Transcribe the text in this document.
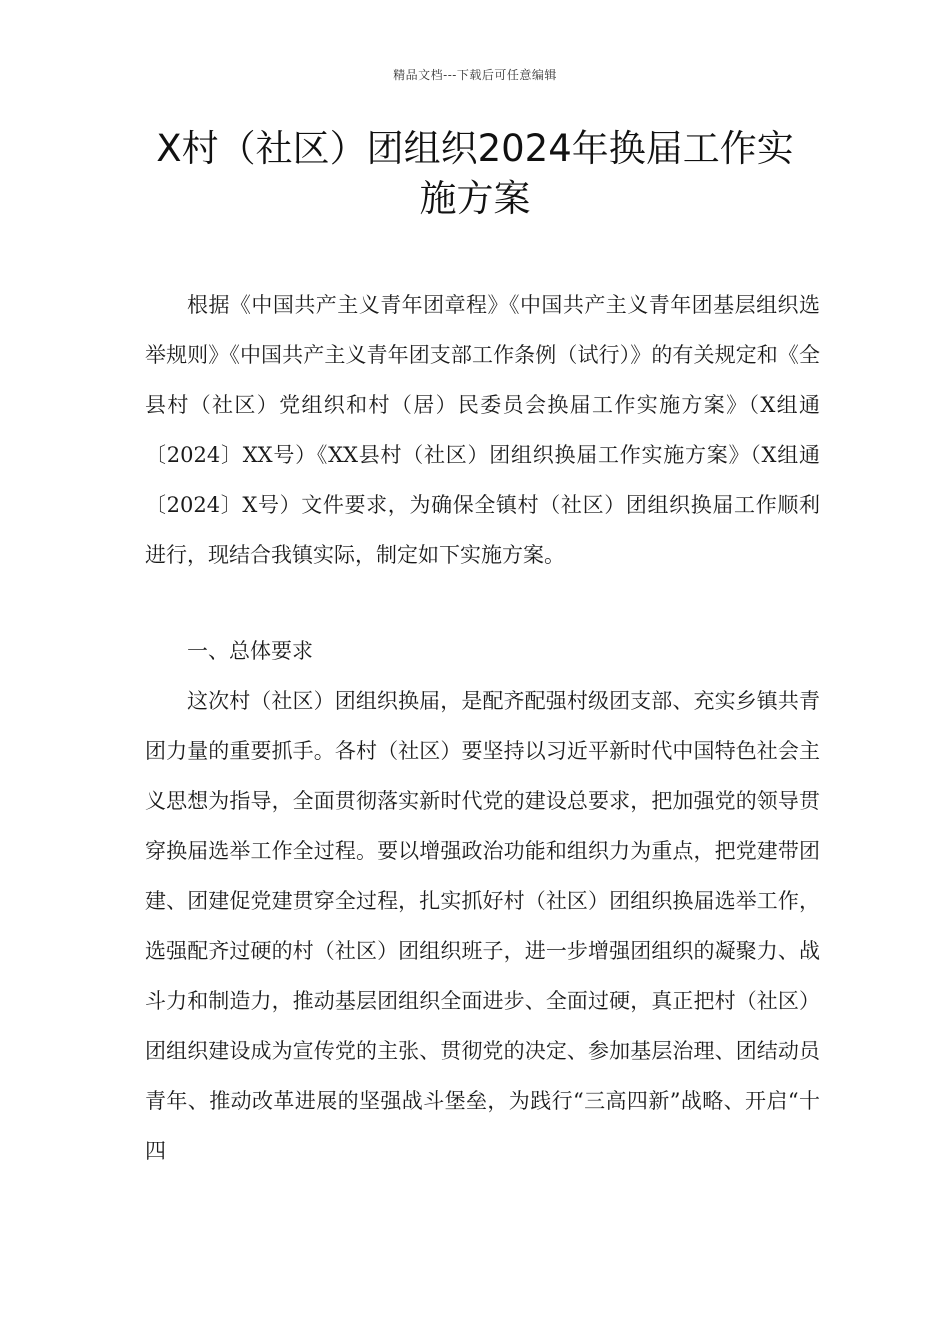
精品文档---下载后可任意编辑
X村（社区）团组织2024年换届工作实
施方案

根据《中国共产主义青年团章程》《中国共产主义青年团基层组织选举规则》《中国共产主义青年团支部工作条例（试行）》的有关规定和《全县村（社区）党组织和村（居）民委员会换届工作实施方案》（X组通〔2024〕XX号）《XX县村（社区）团组织换届工作实施方案》（X组通〔2024〕X号）文件要求，为确保全镇村（社区）团组织换届工作顺利进行，现结合我镇实际，制定如下实施方案。

一、总体要求

这次村（社区）团组织换届，是配齐配强村级团支部、充实乡镇共青团力量的重要抓手。各村（社区）要坚持以习近平新时代中国特色社会主义思想为指导，全面贯彻落实新时代党的建设总要求，把加强党的领导贯穿换届选举工作全过程。要以增强政治功能和组织力为重点，把党建带团建、团建促党建贯穿全过程，扎实抓好村（社区）团组织换届选举工作，选强配齐过硬的村（社区）团组织班子，进一步增强团组织的凝聚力、战斗力和制造力，推动基层团组织全面进步、全面过硬，真正把村（社区）团组织建设成为宣传党的主张、贯彻党的决定、参加基层治理、团结动员青年、推动改革进展的坚强战斗堡垒，为践行“三高四新”战略、开启“十四
